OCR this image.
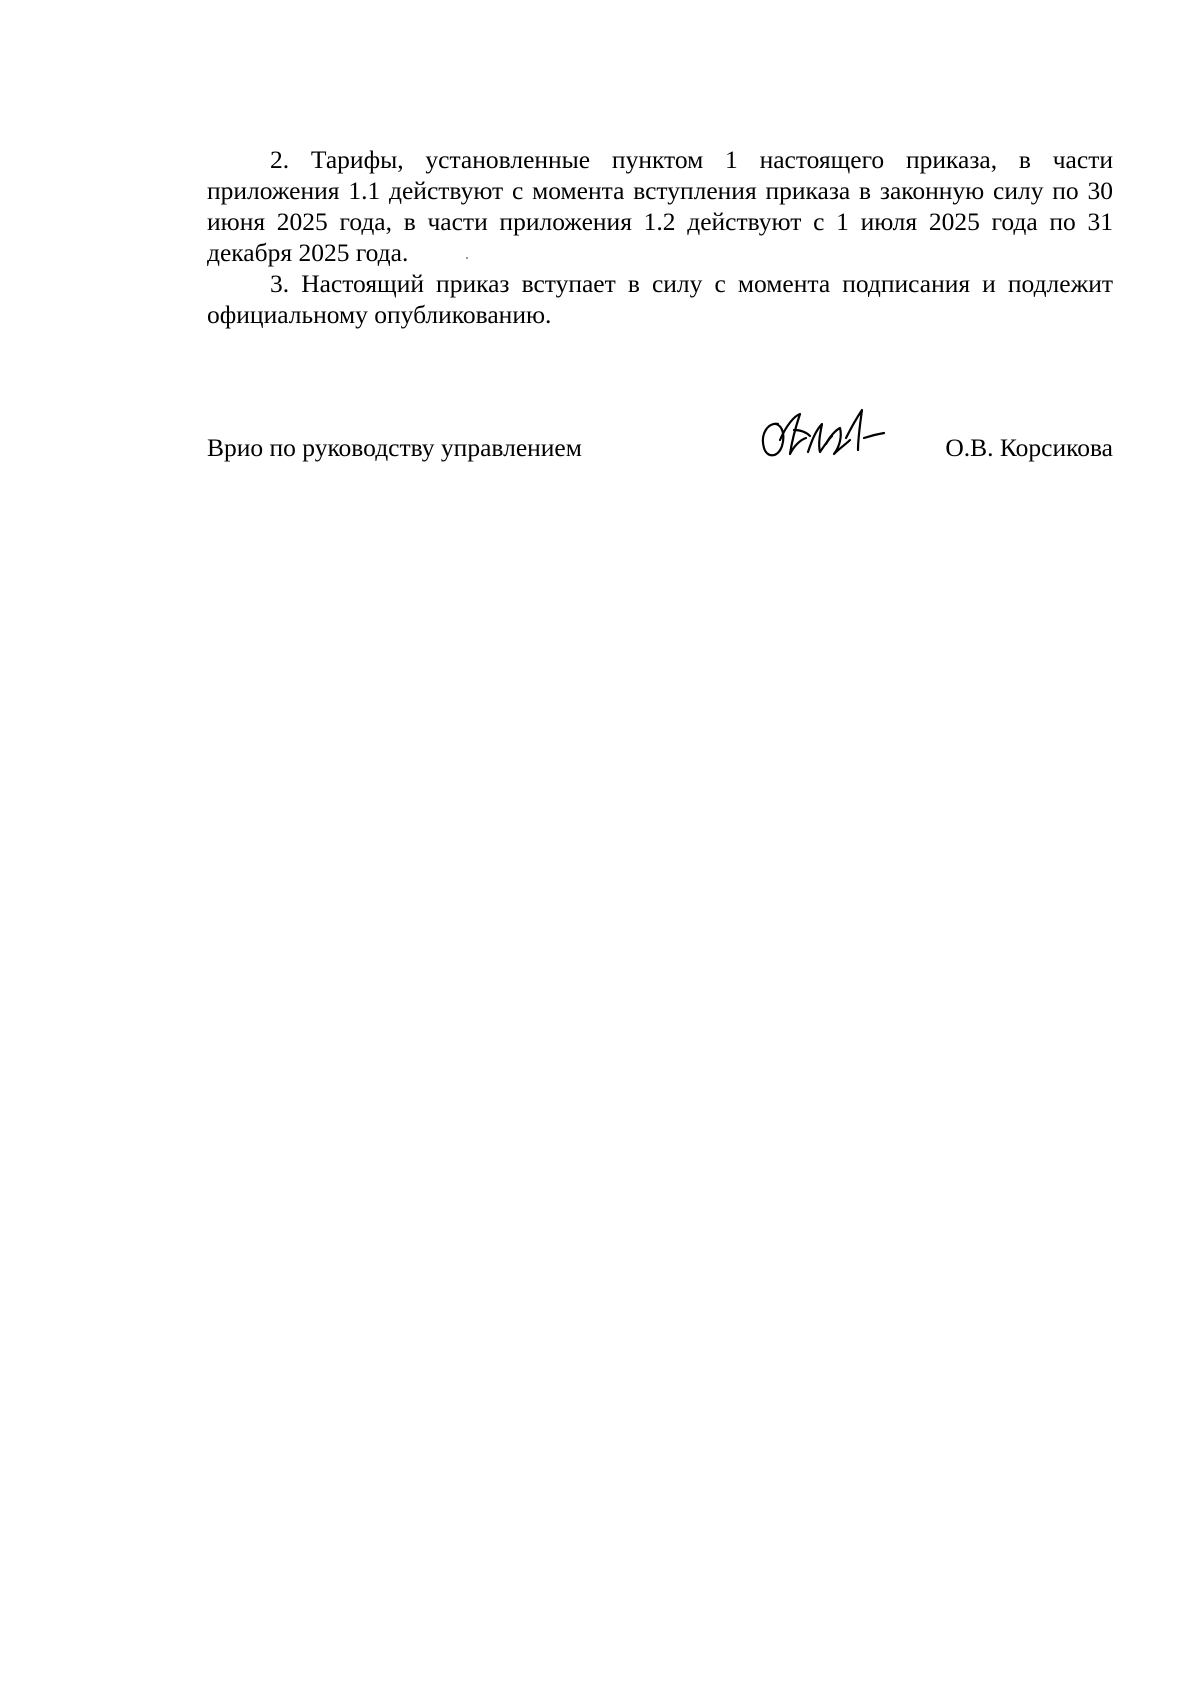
2. Тарифы, установленные пунктом 1 настоящего приказа, в части приложения 1.1 действуют с момента вступления приказа в законную силу по 30 июня 2025 года, в части приложения 1.2 действуют с 1 июля 2025 года по 31 декабря 2025 года.

3. Настоящий приказ вступает в силу с момента подписания и подлежит официальному опубликованию.

Врио по руководству управлением	О.В. Корсикова
